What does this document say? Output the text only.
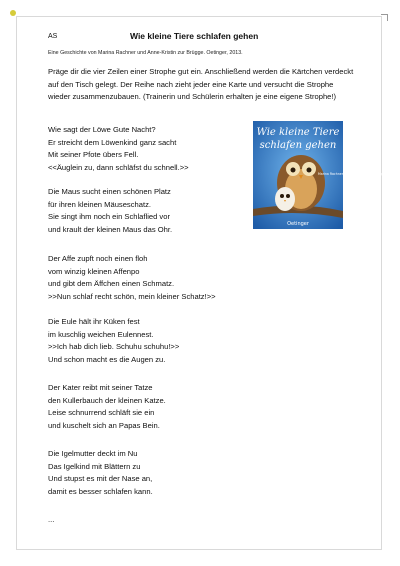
AS	Wie kleine Tiere schlafen gehen
Eine Geschichte von Marina Rachner und Anne-Kristin zur Brügge. Oetinger, 2013.
Präge dir die vier Zeilen einer Strophe gut ein. Anschließend werden die Kärtchen verdeckt auf den Tisch gelegt. Der Reihe nach zieht jeder eine Karte und versucht die Strophe wieder zusammenzubauen. (Trainerin und Schülerin erhalten je eine eigene Strophe!)
Wie sagt der Löwe Gute Nacht?
Er streicht dem Löwenkind ganz sacht
Mit seiner Pfote übers Fell.
<<Äuglein zu, dann schläfst du schnell.>>
Die Maus sucht einen schönen Platz
für ihren kleinen Mäuseschatz.
Sie singt ihm noch ein Schlaflied vor
und krault der kleinen Maus das Ohr.
Der Affe zupft noch einen floh
vom winzig kleinen Affenpo
und gibt dem Äffchen einen Schmatz.
>>Nun schlaf recht schön, mein kleiner Schatz!>>
Die Eule hält ihr Küken fest
im kuschlig weichen Eulennest.
>>Ich hab dich lieb. Schuhu schuhu!>>
Und schon macht es die Augen zu.
Der Kater reibt mit seiner Tatze
den Kullerbauch der kleinen Katze.
Leise schnurrend schläft sie ein
und kuschelt sich an Papas Bein.
Die Igelmutter deckt im Nu
Das Igelkind mit Blättern zu
Und stupst es mit der Nase an,
damit es besser schlafen kann.
...
Wie kleine Tiere
schlafen gehen
Marina Rachner / Anne-Kristin zur Brügge
Oetinger
